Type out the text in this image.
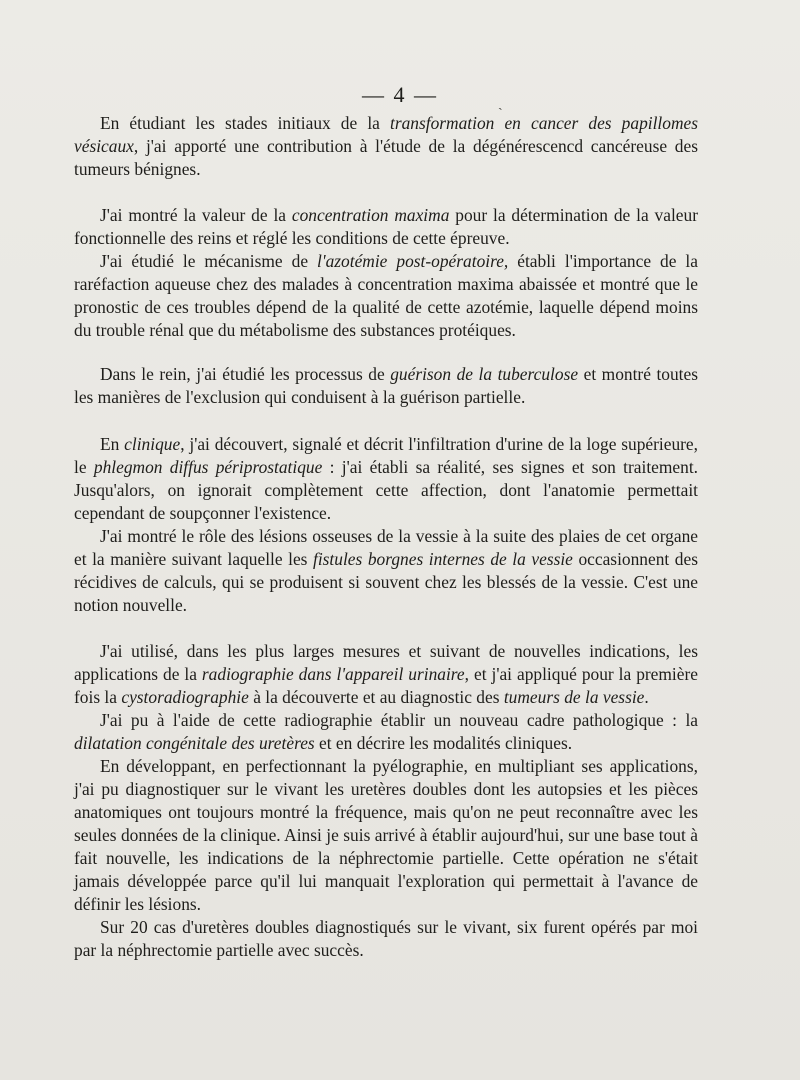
— 4 —	ˎ

En étudiant les stades initiaux de la transformation en cancer des papillomes vésicaux, j'ai apporté une contribution à l'étude de la dégénérescencd cancéreuse des tumeurs bénignes.

J'ai montré la valeur de la concentration maxima pour la détermination de la valeur fonctionnelle des reins et réglé les conditions de cette épreuve.

J'ai étudié le mécanisme de l'azotémie post-opératoire, établi l'importance de la raréfaction aqueuse chez des malades à concentration maxima abaissée et montré que le pronostic de ces troubles dépend de la qualité de cette azotémie, laquelle dépend moins du trouble rénal que du métabolisme des substances protéiques.

Dans le rein, j'ai étudié les processus de guérison de la tuberculose et montré toutes les manières de l'exclusion qui conduisent à la guérison partielle.

En clinique, j'ai découvert, signalé et décrit l'infiltration d'urine de la loge supérieure, le phlegmon diffus périprostatique : j'ai établi sa réalité, ses signes et son traitement. Jusqu'alors, on ignorait complètement cette affection, dont l'anatomie permettait cependant de soupçonner l'existence.

J'ai montré le rôle des lésions osseuses de la vessie à la suite des plaies de cet organe et la manière suivant laquelle les fistules borgnes internes de la vessie occasionnent des récidives de calculs, qui se produisent si souvent chez les blessés de la vessie. C'est une notion nouvelle.

J'ai utilisé, dans les plus larges mesures et suivant de nouvelles indications, les applications de la radiographie dans l'appareil urinaire, et j'ai appliqué pour la première fois la cystoradiographie à la découverte et au diagnostic des tumeurs de la vessie.

J'ai pu à l'aide de cette radiographie établir un nouveau cadre pathologique : la dilatation congénitale des uretères et en décrire les modalités cliniques.

En développant, en perfectionnant la pyélographie, en multipliant ses applications, j'ai pu diagnostiquer sur le vivant les uretères doubles dont les autopsies et les pièces anatomiques ont toujours montré la fréquence, mais qu'on ne peut reconnaître avec les seules données de la clinique. Ainsi je suis arrivé à établir aujourd'hui, sur une base tout à fait nouvelle, les indications de la néphrectomie partielle. Cette opération ne s'était jamais développée parce qu'il lui manquait l'exploration qui permettait à l'avance de définir les lésions.

Sur 20 cas d'uretères doubles diagnostiqués sur le vivant, six furent opérés par moi par la néphrectomie partielle avec succès.
